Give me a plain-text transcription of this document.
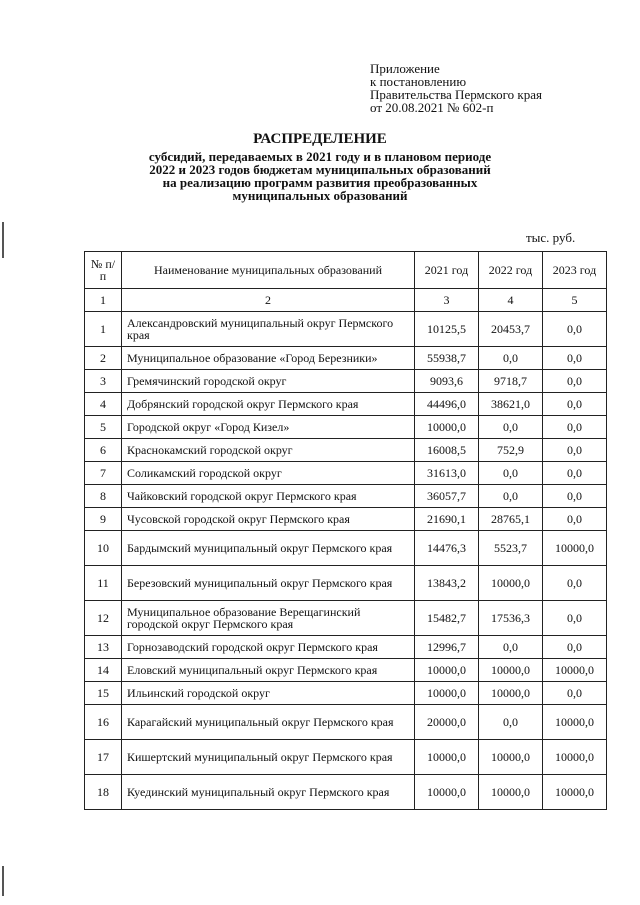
Приложение
к постановлению
Правительства Пермского края
от 20.08.2021 № 602-п
РАСПРЕДЕЛЕНИЕ
субсидий, передаваемых в 2021 году и в плановом периоде
2022 и 2023 годов бюджетам муниципальных образований
на реализацию программ развития преобразованных
муниципальных образований
тыс. руб.
№ п/п	Наименование муниципальных образований	2021 год	2022 год	2023 год
1	2	3	4	5
1	Александровский муниципальный округ Пермского края	10125,5	20453,7	0,0
2	Муниципальное образование «Город Березники»	55938,7	0,0	0,0
3	Гремячинский городской округ	9093,6	9718,7	0,0
4	Добрянский городской округ Пермского края	44496,0	38621,0	0,0
5	Городской округ «Город Кизел»	10000,0	0,0	0,0
6	Краснокамский городской округ	16008,5	752,9	0,0
7	Соликамский городской округ	31613,0	0,0	0,0
8	Чайковский городской округ Пермского края	36057,7	0,0	0,0
9	Чусовской городской округ Пермского края	21690,1	28765,1	0,0
10	Бардымский муниципальный округ Пермского края	14476,3	5523,7	10000,0
11	Березовский муниципальный округ Пермского края	13843,2	10000,0	0,0
12	Муниципальное образование Верещагинский городской округ Пермского края	15482,7	17536,3	0,0
13	Горнозаводский городской округ Пермского края	12996,7	0,0	0,0
14	Еловский муниципальный округ Пермского края	10000,0	10000,0	10000,0
15	Ильинский городской округ	10000,0	10000,0	0,0
16	Карагайский муниципальный округ Пермского края	20000,0	0,0	10000,0
17	Кишертский муниципальный округ Пермского края	10000,0	10000,0	10000,0
18	Куединский муниципальный округ Пермского края	10000,0	10000,0	10000,0
